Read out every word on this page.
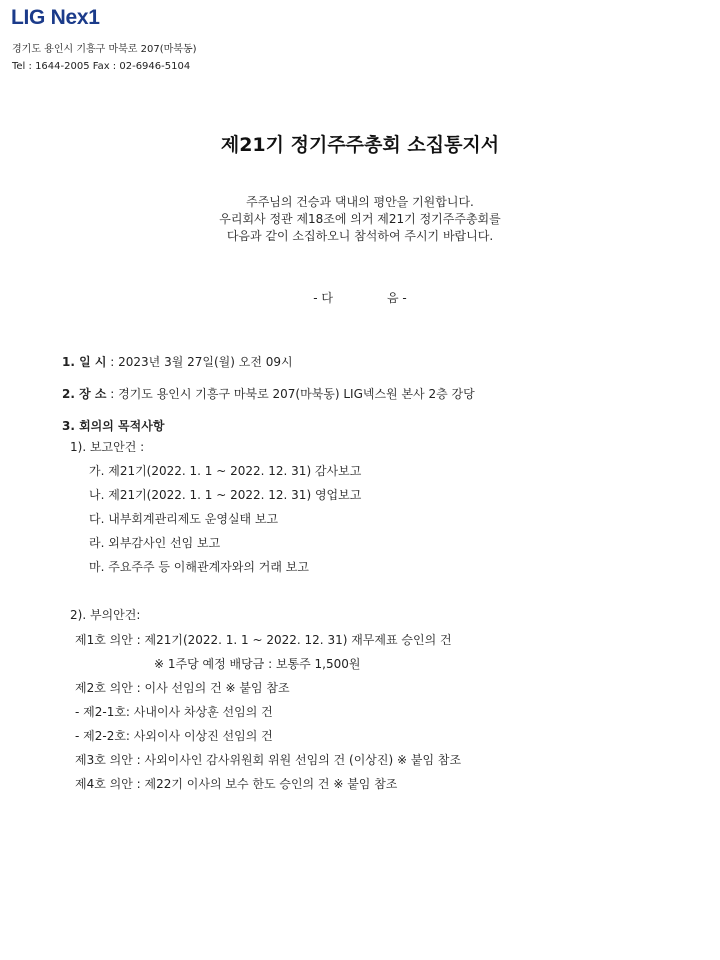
LIG Nex1
경기도 용인시 기흥구 마북로 207(마북동)
Tel : 1644-2005 Fax : 02-6946-5104
제21기 정기주주총회 소집통지서
주주님의 건승과 댁내의 평안을 기원합니다.
우리회사 정관 제18조에 의거 제21기 정기주주총회를
다음과 같이 소집하오니 참석하여 주시기 바랍니다.
- 다	음 -
1. 일 시 : 2023년 3월 27일(월) 오전 09시
2. 장 소 : 경기도 용인시 기흥구 마북로 207(마북동) LIG넥스원 본사 2층 강당
3. 회의의 목적사항
1). 보고안건 :
가. 제21기(2022. 1. 1 ~ 2022. 12. 31) 감사보고
나. 제21기(2022. 1. 1 ~ 2022. 12. 31) 영업보고
다. 내부회계관리제도 운영실태 보고
라. 외부감사인 선임 보고
마. 주요주주 등 이해관계자와의 거래 보고
2). 부의안건:
제1호 의안 : 제21기(2022. 1. 1 ~ 2022. 12. 31) 재무제표 승인의 건
※ 1주당 예정 배당금 : 보통주 1,500원
제2호 의안 : 이사 선임의 건 ※ 붙임 참조
- 제2-1호: 사내이사 차상훈 선임의 건
- 제2-2호: 사외이사 이상진 선임의 건
제3호 의안 : 사외이사인 감사위원회 위원 선임의 건 (이상진) ※ 붙임 참조
제4호 의안 : 제22기 이사의 보수 한도 승인의 건 ※ 붙임 참조
